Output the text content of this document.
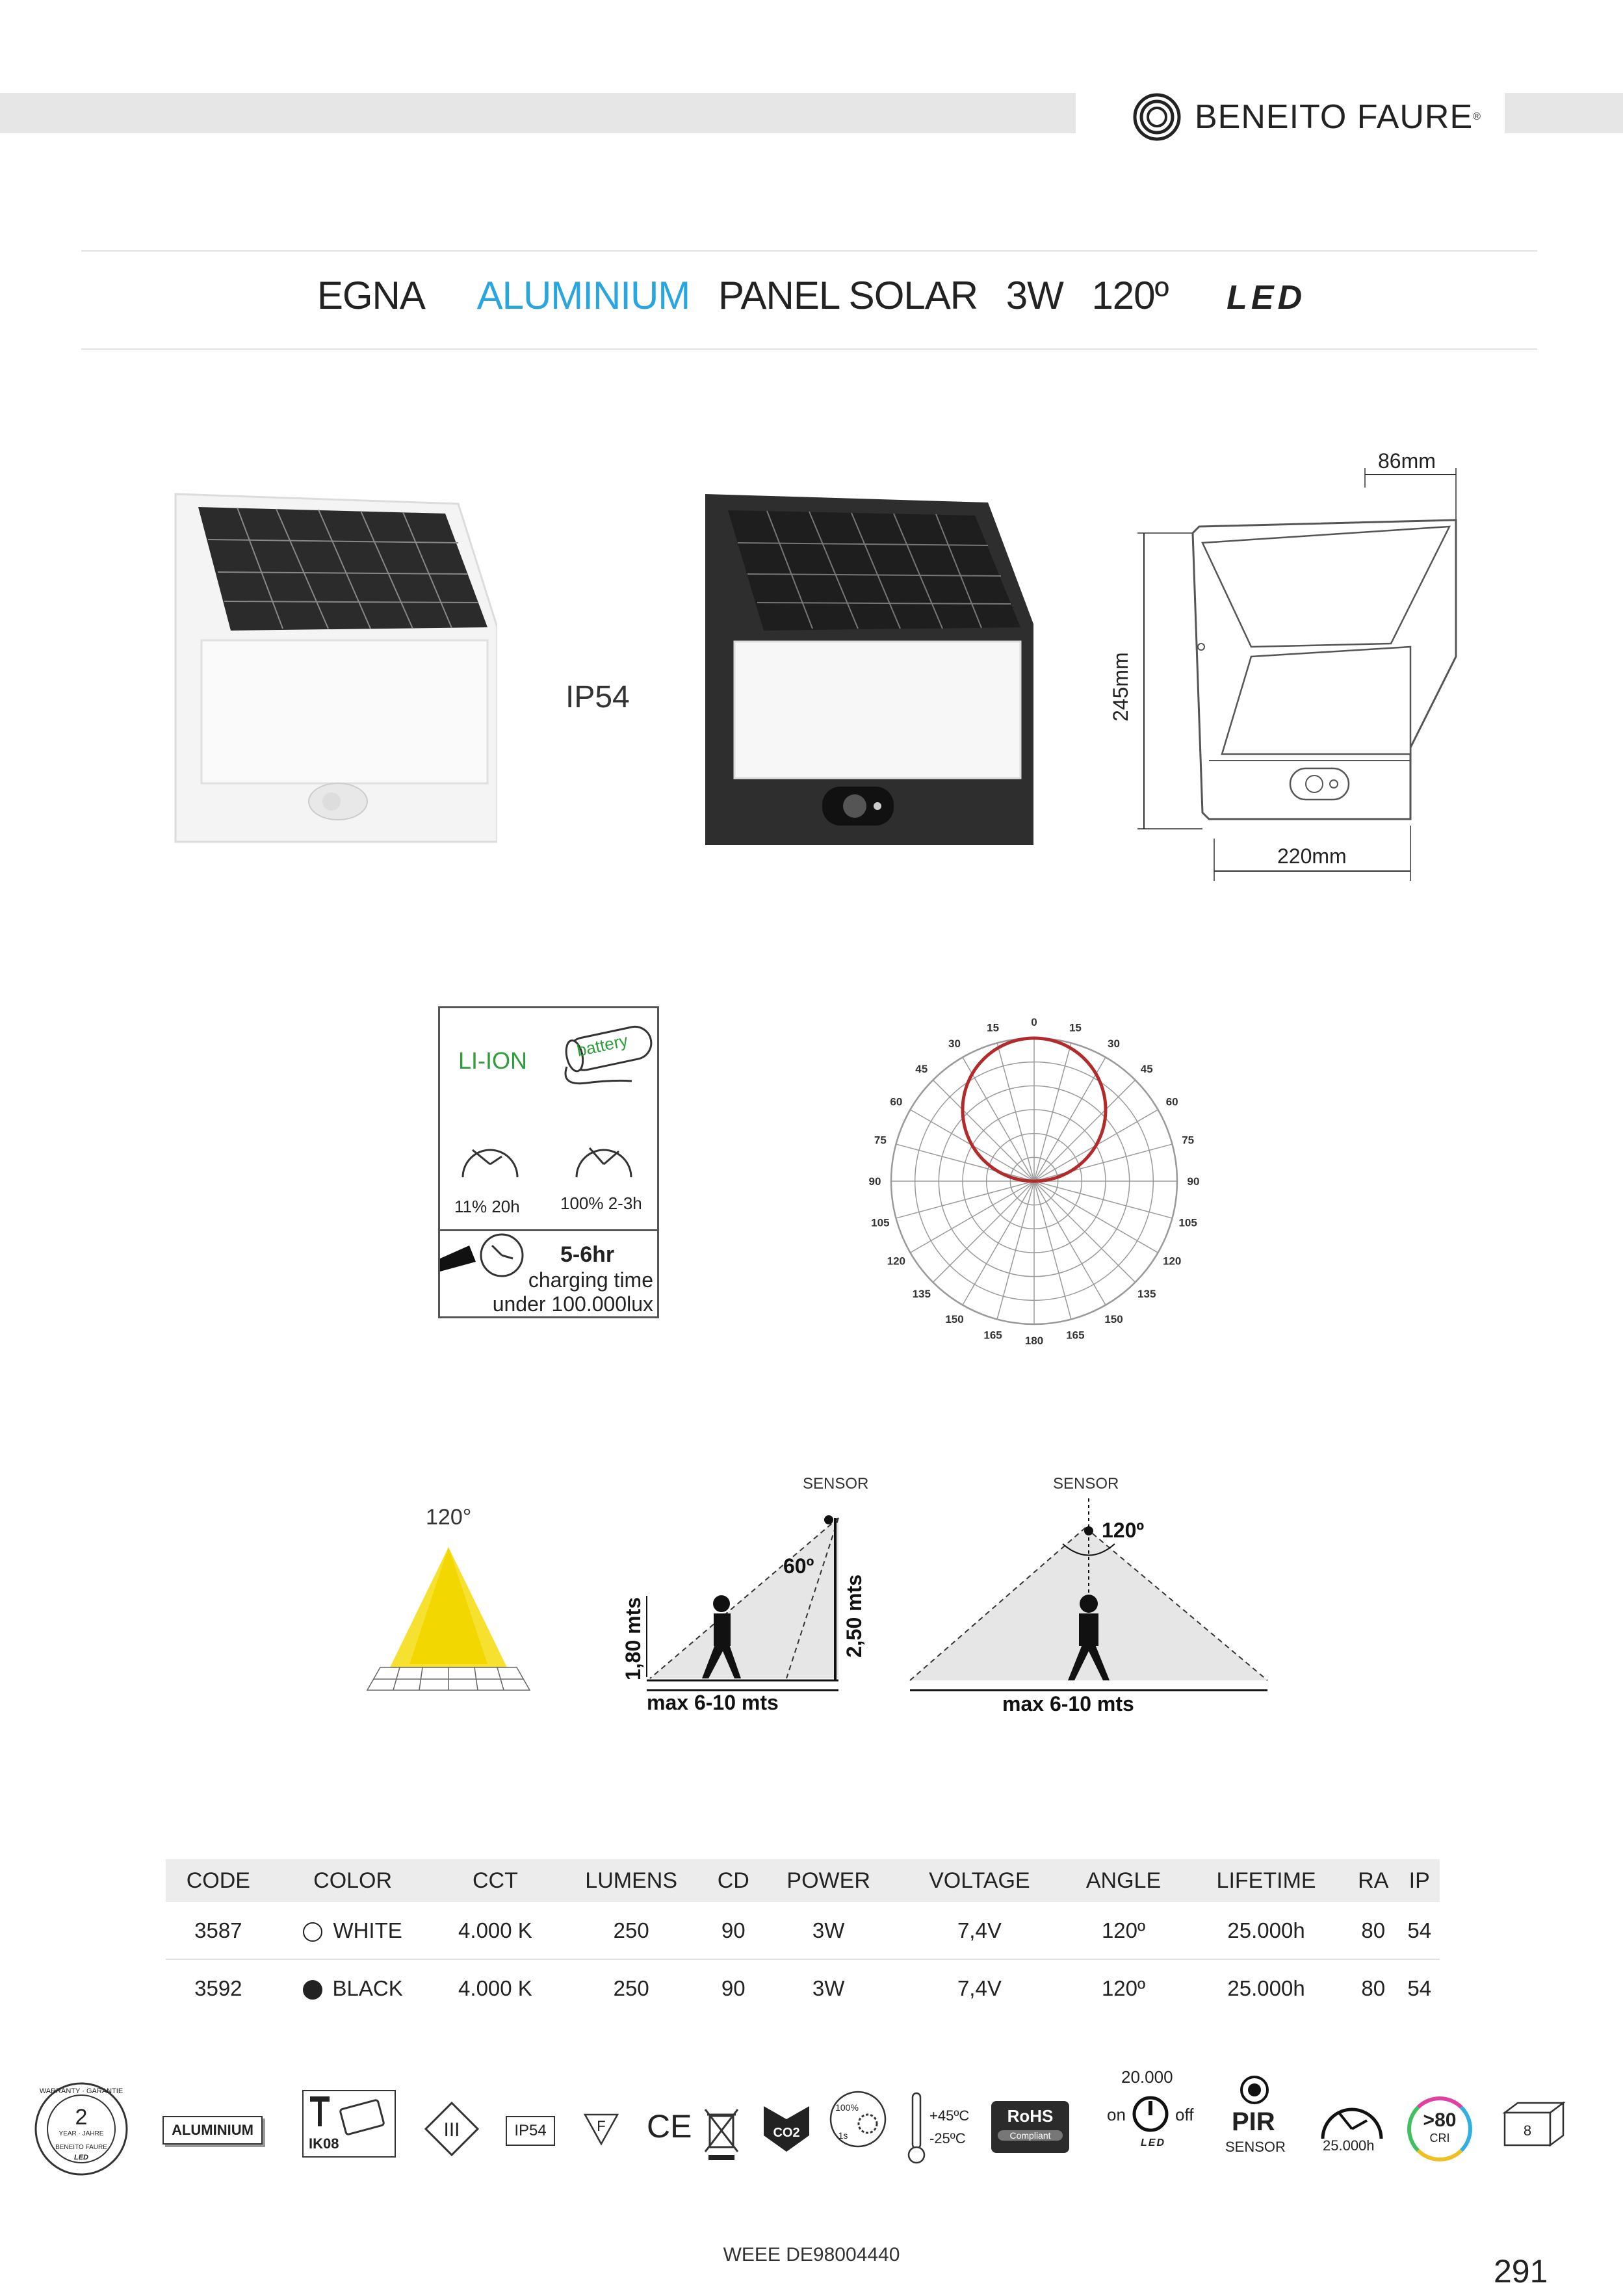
BENEITO FAURE ®
EGNA ALUMINIUM PANEL SOLAR 3W 120º LED
IP54
86mm
245mm
220mm
LI-ION
battery
11% 20h 100% 2-3h
5-6hr
charging time
under 100.000lux
0	15
15
30
30
45
45
60
60
75
75
90
90
105
105
120
120
135
135
150
150
165
165 180
120°
SENSOR
60º
1,80 mts	2,50 mts
max 6-10 mts
SENSOR
120º
max 6-10 mts
CODE	COLOR	CCT	LUMENS	CD	POWER	VOLTAGE	ANGLE	LIFETIME	RA	IP
3587	WHITE	4.000 K	250	90	3W	7,4V	120º	25.000h	80	54
3592	BLACK	4.000 K	250	90	3W	7,4V	120º	25.000h	80	54
2
WARRANTY · GARANTIE
YEAR · JAHRE
BENEITO FAURE
LED
ALUMINIUM
IK08
III	IP54	F CE	CO2
100%
1s
+45ºC
-25ºC
RoHS
Compliant
20.000
on	off
LED
PIR
SENSOR	25.000h
>80
CRI	8
WEEE DE98004440	291
